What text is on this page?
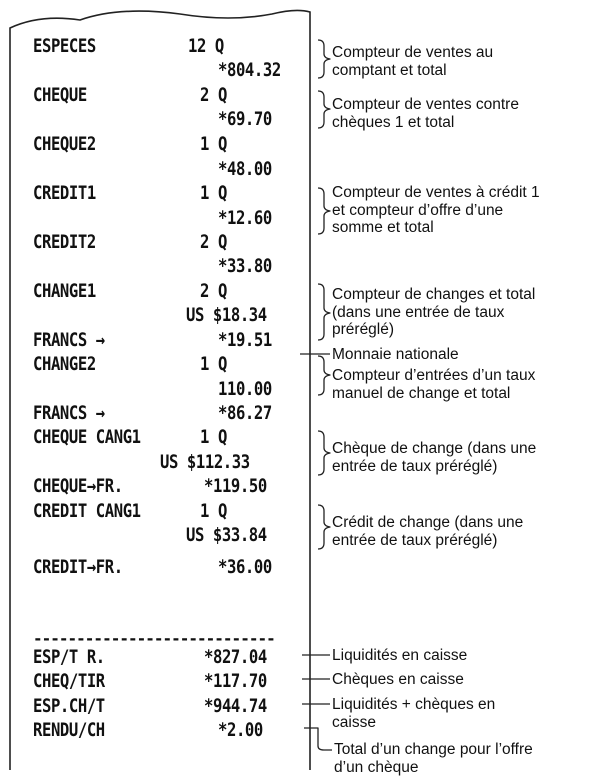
ESPECES	12 Q
*804.32
CHEQUE	2 Q
*69.70
CHEQUE2	1 Q
*48.00
CREDIT1	1 Q
*12.60
CREDIT2	2 Q
*33.80
CHANGE1	2 Q
US $18.34
FRANCS →	*19.51
CHANGE2	1 Q
110.00
FRANCS →	*86.27
CHEQUE CANG1	1 Q
US $112.33
CHEQUE→FR.	*119.50
CREDIT CANG1	1 Q
US $33.84
CREDIT→FR.	*36.00
----------------------------
ESP/T R.	*827.04
CHEQ/TIR	*117.70
ESP.CH/T	*944.74
RENDU/CH	*2.00
Compteur de ventes au
comptant et total
Compteur de ventes contre
chèques 1 et total
Compteur de ventes à crédit 1
et compteur d’offre d’une
somme et total
Compteur de changes et total
(dans une entrée de taux
préréglé)
Monnaie nationale
Compteur d’entrées d’un taux
manuel de change et total
Chèque de change (dans une
entrée de taux préréglé)
Crédit de change (dans une
entrée de taux préréglé)
Liquidités en caisse
Chèques en caisse
Liquidités + chèques en
caisse
Total d’un change pour l’offre
d’un chèque
